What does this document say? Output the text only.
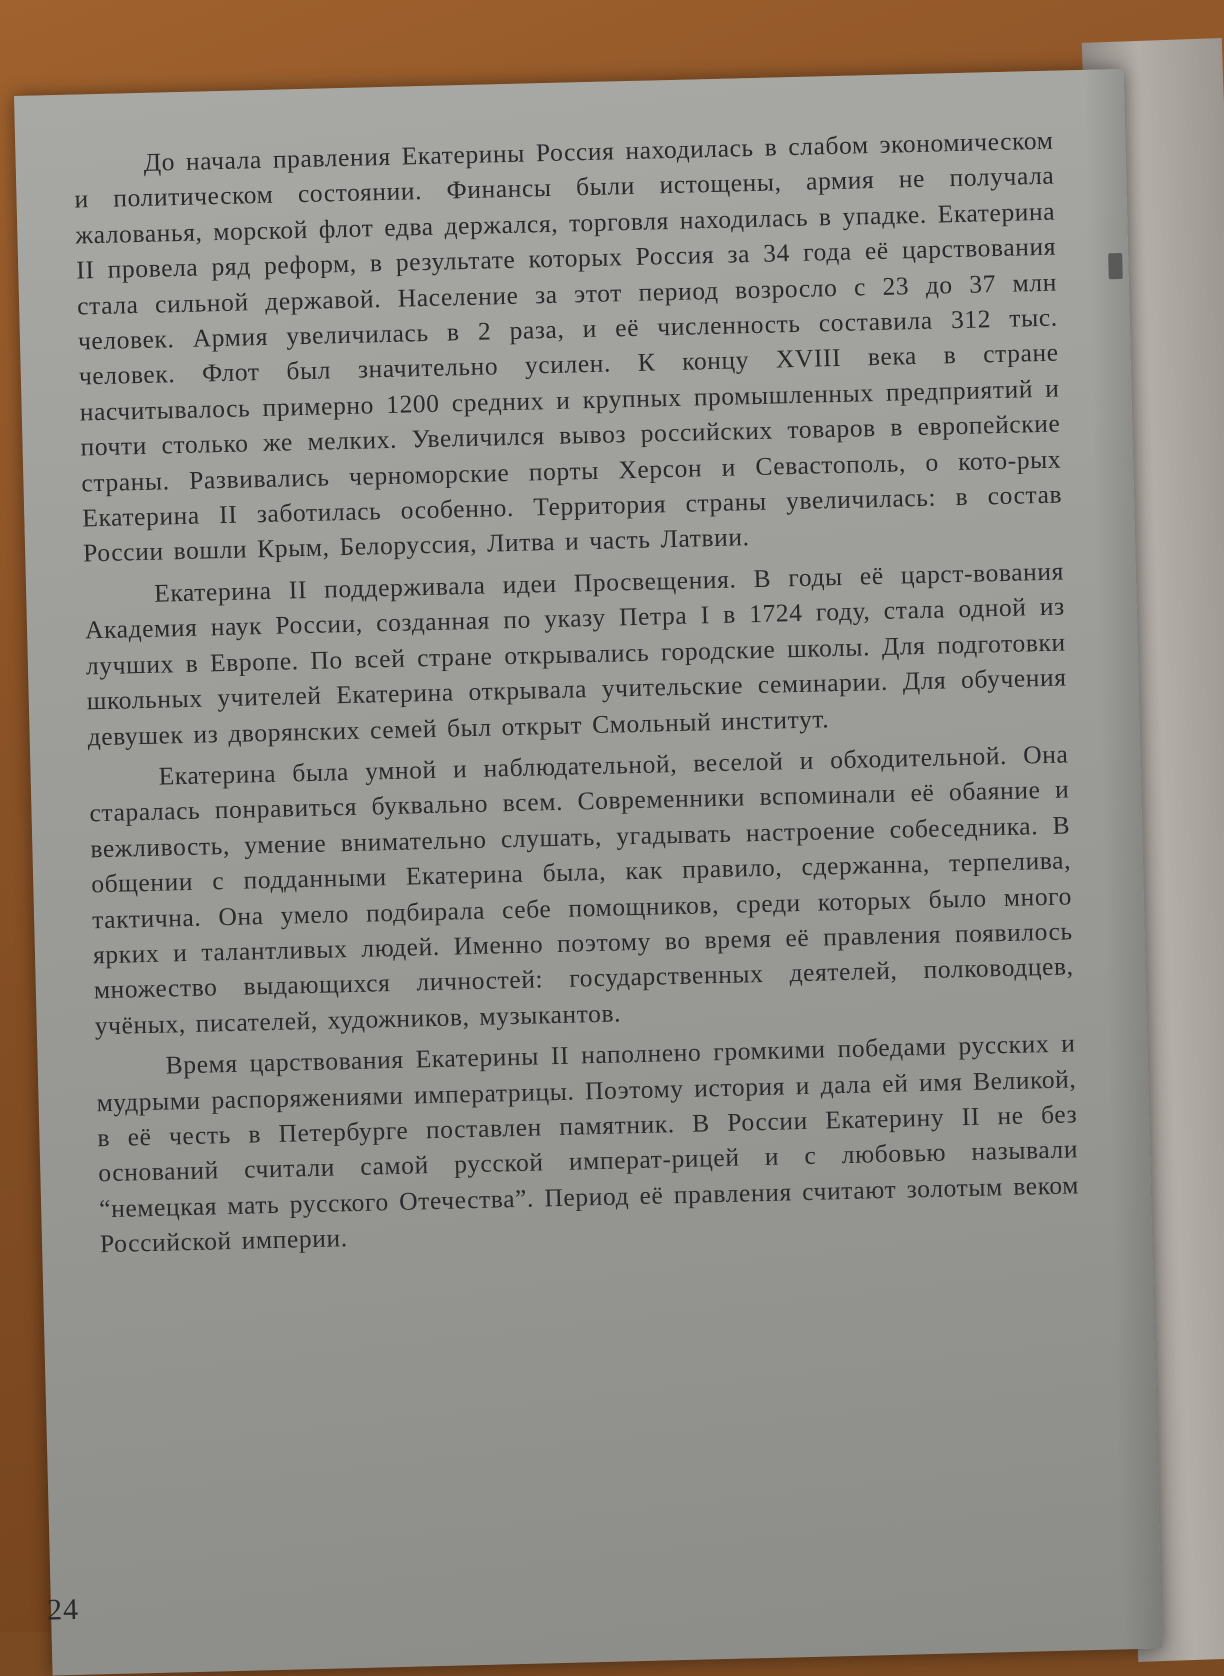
До начала правления Екатерины Россия находилась в слабом экономическом и политическом состоянии. Финансы были истощены, армия не получала жалованья, морской флот едва держался, торговля находилась в упадке. Екатерина II провела ряд реформ, в результате которых Россия за 34 года её царствования стала сильной державой. Население за этот период возросло с 23 до 37 млн человек. Армия увеличилась в 2 раза, и её численность составила 312 тыс. человек. Флот был значительно усилен. К концу XVIII века в стране насчитывалось примерно 1200 средних и крупных промышленных предприятий и почти столько же мелких. Увеличился вывоз российских товаров в европейские страны. Развивались черноморские порты Херсон и Севастополь, о кото-рых Екатерина II заботилась особенно. Территория страны увеличилась: в состав России вошли Крым, Белоруссия, Литва и часть Латвии.

Екатерина II поддерживала идеи Просвещения. В годы её царст-вования Академия наук России, созданная по указу Петра I в 1724 году, стала одной из лучших в Европе. По всей стране открывались городские школы. Для подготовки школьных учителей Екатерина открывала учительские семинарии. Для обучения девушек из дворянских семей был открыт Смольный институт.

Екатерина была умной и наблюдательной, веселой и обходительной. Она старалась понравиться буквально всем. Современники вспоминали её обаяние и вежливость, умение внимательно слушать, угадывать настроение собеседника. В общении с подданными Екатерина была, как правило, сдержанна, терпелива, тактична. Она умело подбирала себе помощников, среди которых было много ярких и талантливых людей. Именно поэтому во время её правления появилось множество выдающихся личностей: государственных деятелей, полководцев, учёных, писателей, художников, музыкантов.

Время царствования Екатерины II наполнено громкими победами русских и мудрыми распоряжениями императрицы. Поэтому история и дала ей имя Великой, в её честь в Петербурге поставлен памятник. В России Екатерину II не без оснований считали самой русской императ-рицей и с любовью называли “немецкая мать русского Отечества”. Период её правления считают золотым веком Российской империи.

24
